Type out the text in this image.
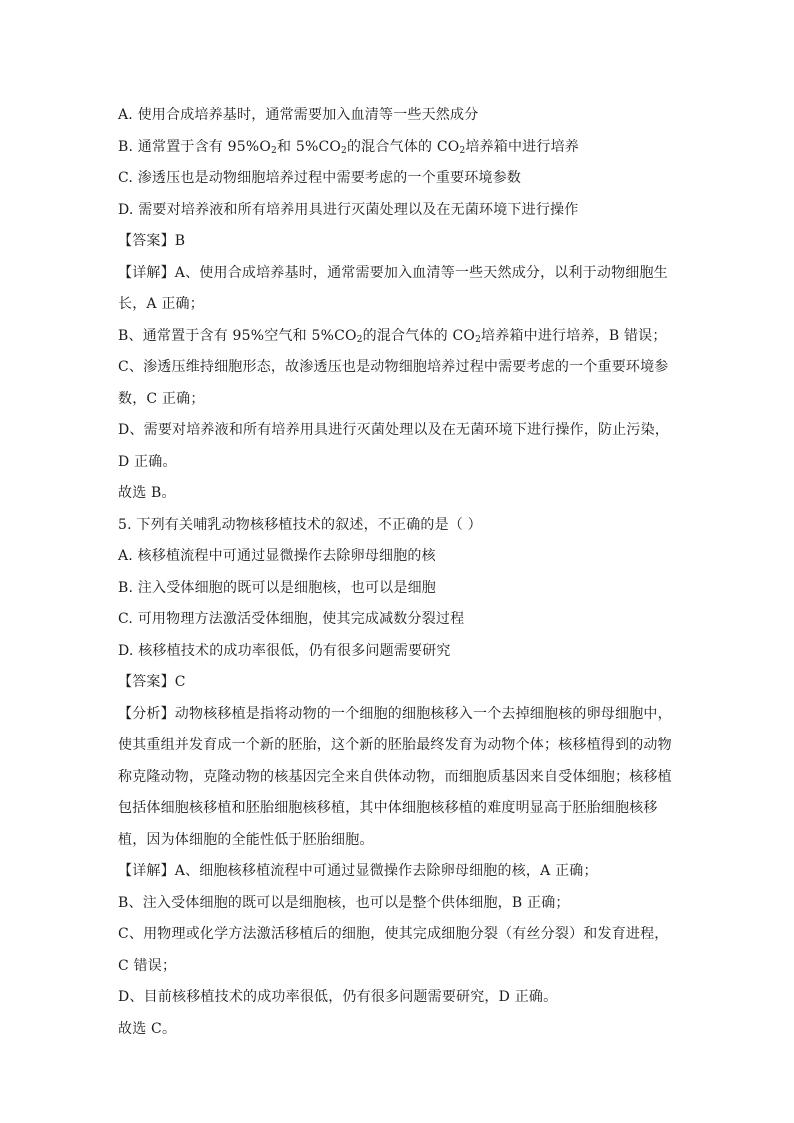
A. 使用合成培养基时，通常需要加入血清等一些天然成分
B. 通常置于含有 $95\%O_2$和 $5\%CO_2$的混合气体的 $CO_2$培养箱中进行培养
C. 渗透压也是动物细胞培养过程中需要考虑的一个重要环境参数
D. 需要对培养液和所有培养用具进行灭菌处理以及在无菌环境下进行操作
【答案】B
【详解】A、使用合成培养基时，通常需要加入血清等一些天然成分，以利于动物细胞生
长，A 正确；
B、通常置于含有 95%空气和 $5\%CO_2$的混合气体的 $CO_2$培养箱中进行培养，B 错误；
C、渗透压维持细胞形态，故渗透压也是动物细胞培养过程中需要考虑的一个重要环境参
数，C 正确；
D、需要对培养液和所有培养用具进行灭菌处理以及在无菌环境下进行操作，防止污染，
D 正确。
故选 B。
5. 下列有关哺乳动物核移植技术的叙述，不正确的是（ ）
A. 核移植流程中可通过显微操作去除卵母细胞的核
B. 注入受体细胞的既可以是细胞核，也可以是细胞
C. 可用物理方法激活受体细胞，使其完成减数分裂过程
D. 核移植技术的成功率很低，仍有很多问题需要研究
【答案】C
【分析】动物核移植是指将动物的一个细胞的细胞核移入一个去掉细胞核的卵母细胞中，
使其重组并发育成一个新的胚胎，这个新的胚胎最终发育为动物个体；核移植得到的动物
称克隆动物，克隆动物的核基因完全来自供体动物，而细胞质基因来自受体细胞；核移植
包括体细胞核移植和胚胎细胞核移植，其中体细胞核移植的难度明显高于胚胎细胞核移
植，因为体细胞的全能性低于胚胎细胞。
【详解】A、细胞核移植流程中可通过显微操作去除卵母细胞的核，A 正确；
B、注入受体细胞的既可以是细胞核，也可以是整个供体细胞，B 正确；
C、用物理或化学方法激活移植后的细胞，使其完成细胞分裂（有丝分裂）和发育进程，
C 错误；
D、目前核移植技术的成功率很低，仍有很多问题需要研究，D 正确。
故选 C。
